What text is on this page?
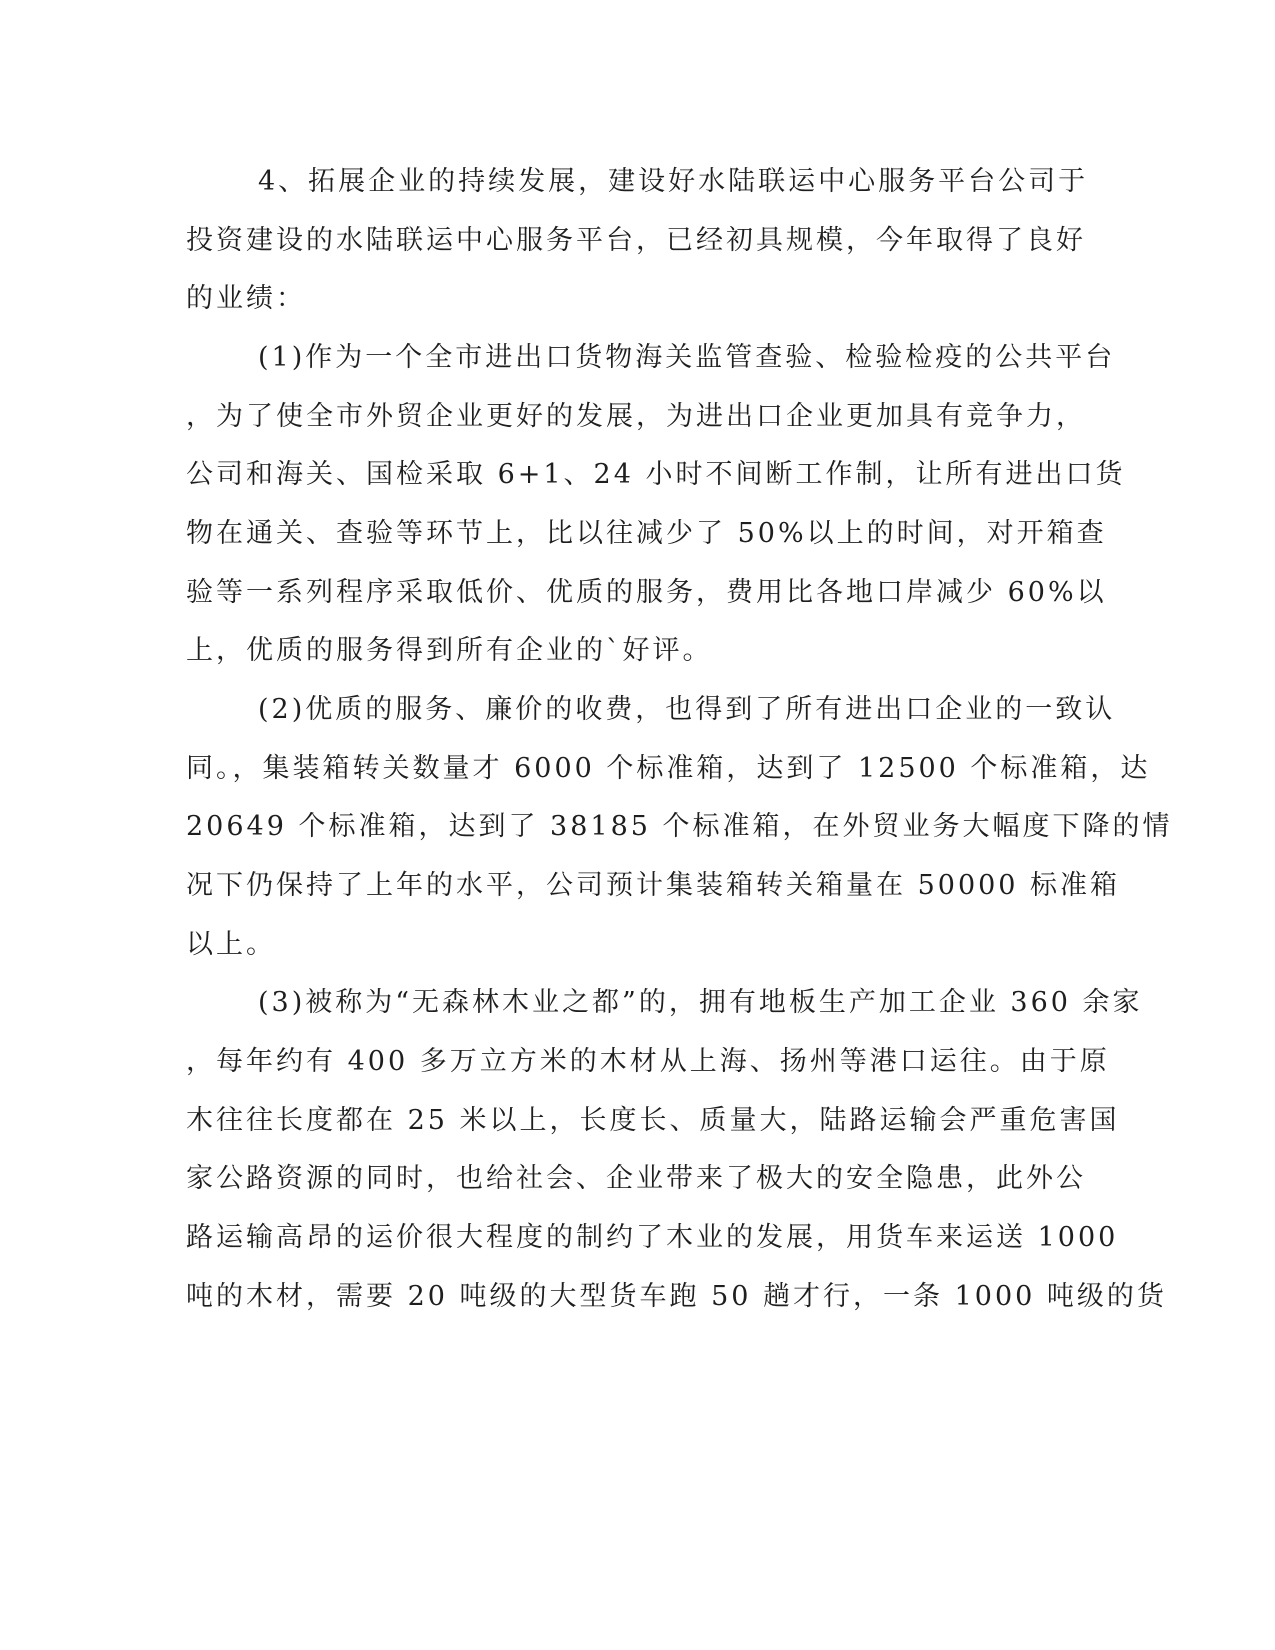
4、拓展企业的持续发展，建设好水陆联运中心服务平台公司于
投资建设的水陆联运中心服务平台，已经初具规模，今年取得了良好
的业绩：
(1)作为一个全市进出口货物海关监管查验、检验检疫的公共平台
，为了使全市外贸企业更好的发展，为进出口企业更加具有竞争力，
公司和海关、国检采取 6+1、24 小时不间断工作制，让所有进出口货
物在通关、查验等环节上，比以往减少了 50%以上的时间，对开箱查
验等一系列程序采取低价、优质的服务，费用比各地口岸减少 60%以
上，优质的服务得到所有企业的`好评。
(2)优质的服务、廉价的收费，也得到了所有进出口企业的一致认
同。，集装箱转关数量才 6000 个标准箱，达到了 12500 个标准箱，达
20649 个标准箱，达到了 38185 个标准箱，在外贸业务大幅度下降的情
况下仍保持了上年的水平，公司预计集装箱转关箱量在 50000 标准箱
以上。
(3)被称为“无森林木业之都”的，拥有地板生产加工企业 360 余家
，每年约有 400 多万立方米的木材从上海、扬州等港口运往。由于原
木往往长度都在 25 米以上，长度长、质量大，陆路运输会严重危害国
家公路资源的同时，也给社会、企业带来了极大的安全隐患，此外公
路运输高昂的运价很大程度的制约了木业的发展，用货车来运送 1000
吨的木材，需要 20 吨级的大型货车跑 50 趟才行，一条 1000 吨级的货
